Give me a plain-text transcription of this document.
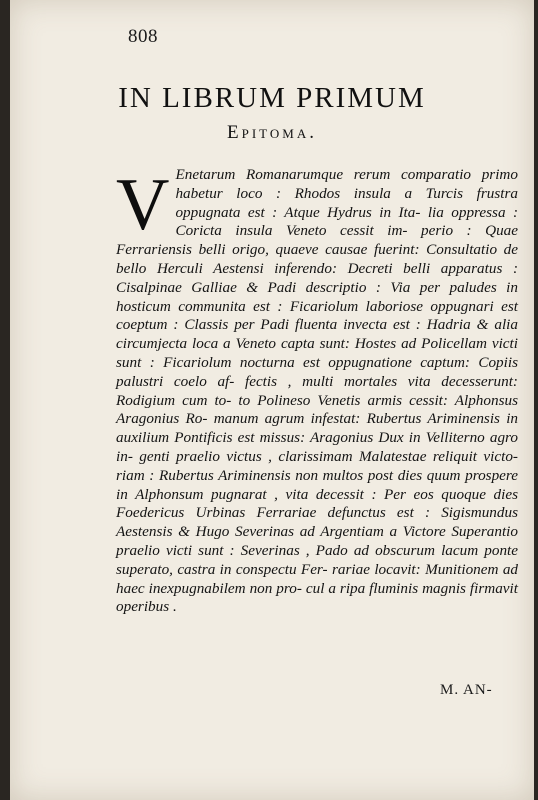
808
IN LIBRUM PRIMUM
Epitoma.

V Enetarum Romanarumque rerum comparatio primo habetur loco : Rhodos insula a Turcis frustra oppugnata est : Atque Hydrus in Ita- lia oppressa : Coricta insula Veneto cessit im- perio : Quae Ferrariensis belli origo, quaeve causae fuerint: Consultatio de bello Herculi Aestensi inferendo: Decreti belli apparatus : Cisalpinae Galliae & Padi descriptio : Via per paludes in hosticum communita est : Ficariolum laboriose oppugnari est coeptum : Classis per Padi fluenta invecta est : Hadria & alia circumjecta loca a Veneto capta sunt: Hostes ad Policellam victi sunt : Ficariolum nocturna est oppugnatione captum: Copiis palustri coelo af- fectis , multi mortales vita decesserunt: Rodigium cum to- to Polineso Venetis armis cessit: Alphonsus Aragonius Ro- manum agrum infestat: Rubertus Ariminensis in auxilium Pontificis est missus: Aragonius Dux in Velliterno agro in- genti praelio victus , clarissimam Malatestae reliquit victo- riam : Rubertus Ariminensis non multos post dies quum prospere in Alphonsum pugnarat , vita decessit : Per eos quoque dies Foedericus Urbinas Ferrariae defunctus est : Sigismundus Aestensis & Hugo Severinas ad Argentiam a Victore Superantio praelio victi sunt : Severinas , Pado ad obscurum lacum ponte superato, castra in conspectu Fer- rariae locavit: Munitionem ad haec inexpugnabilem non pro- cul a ripa fluminis magnis firmavit operibus .

M. AN-
